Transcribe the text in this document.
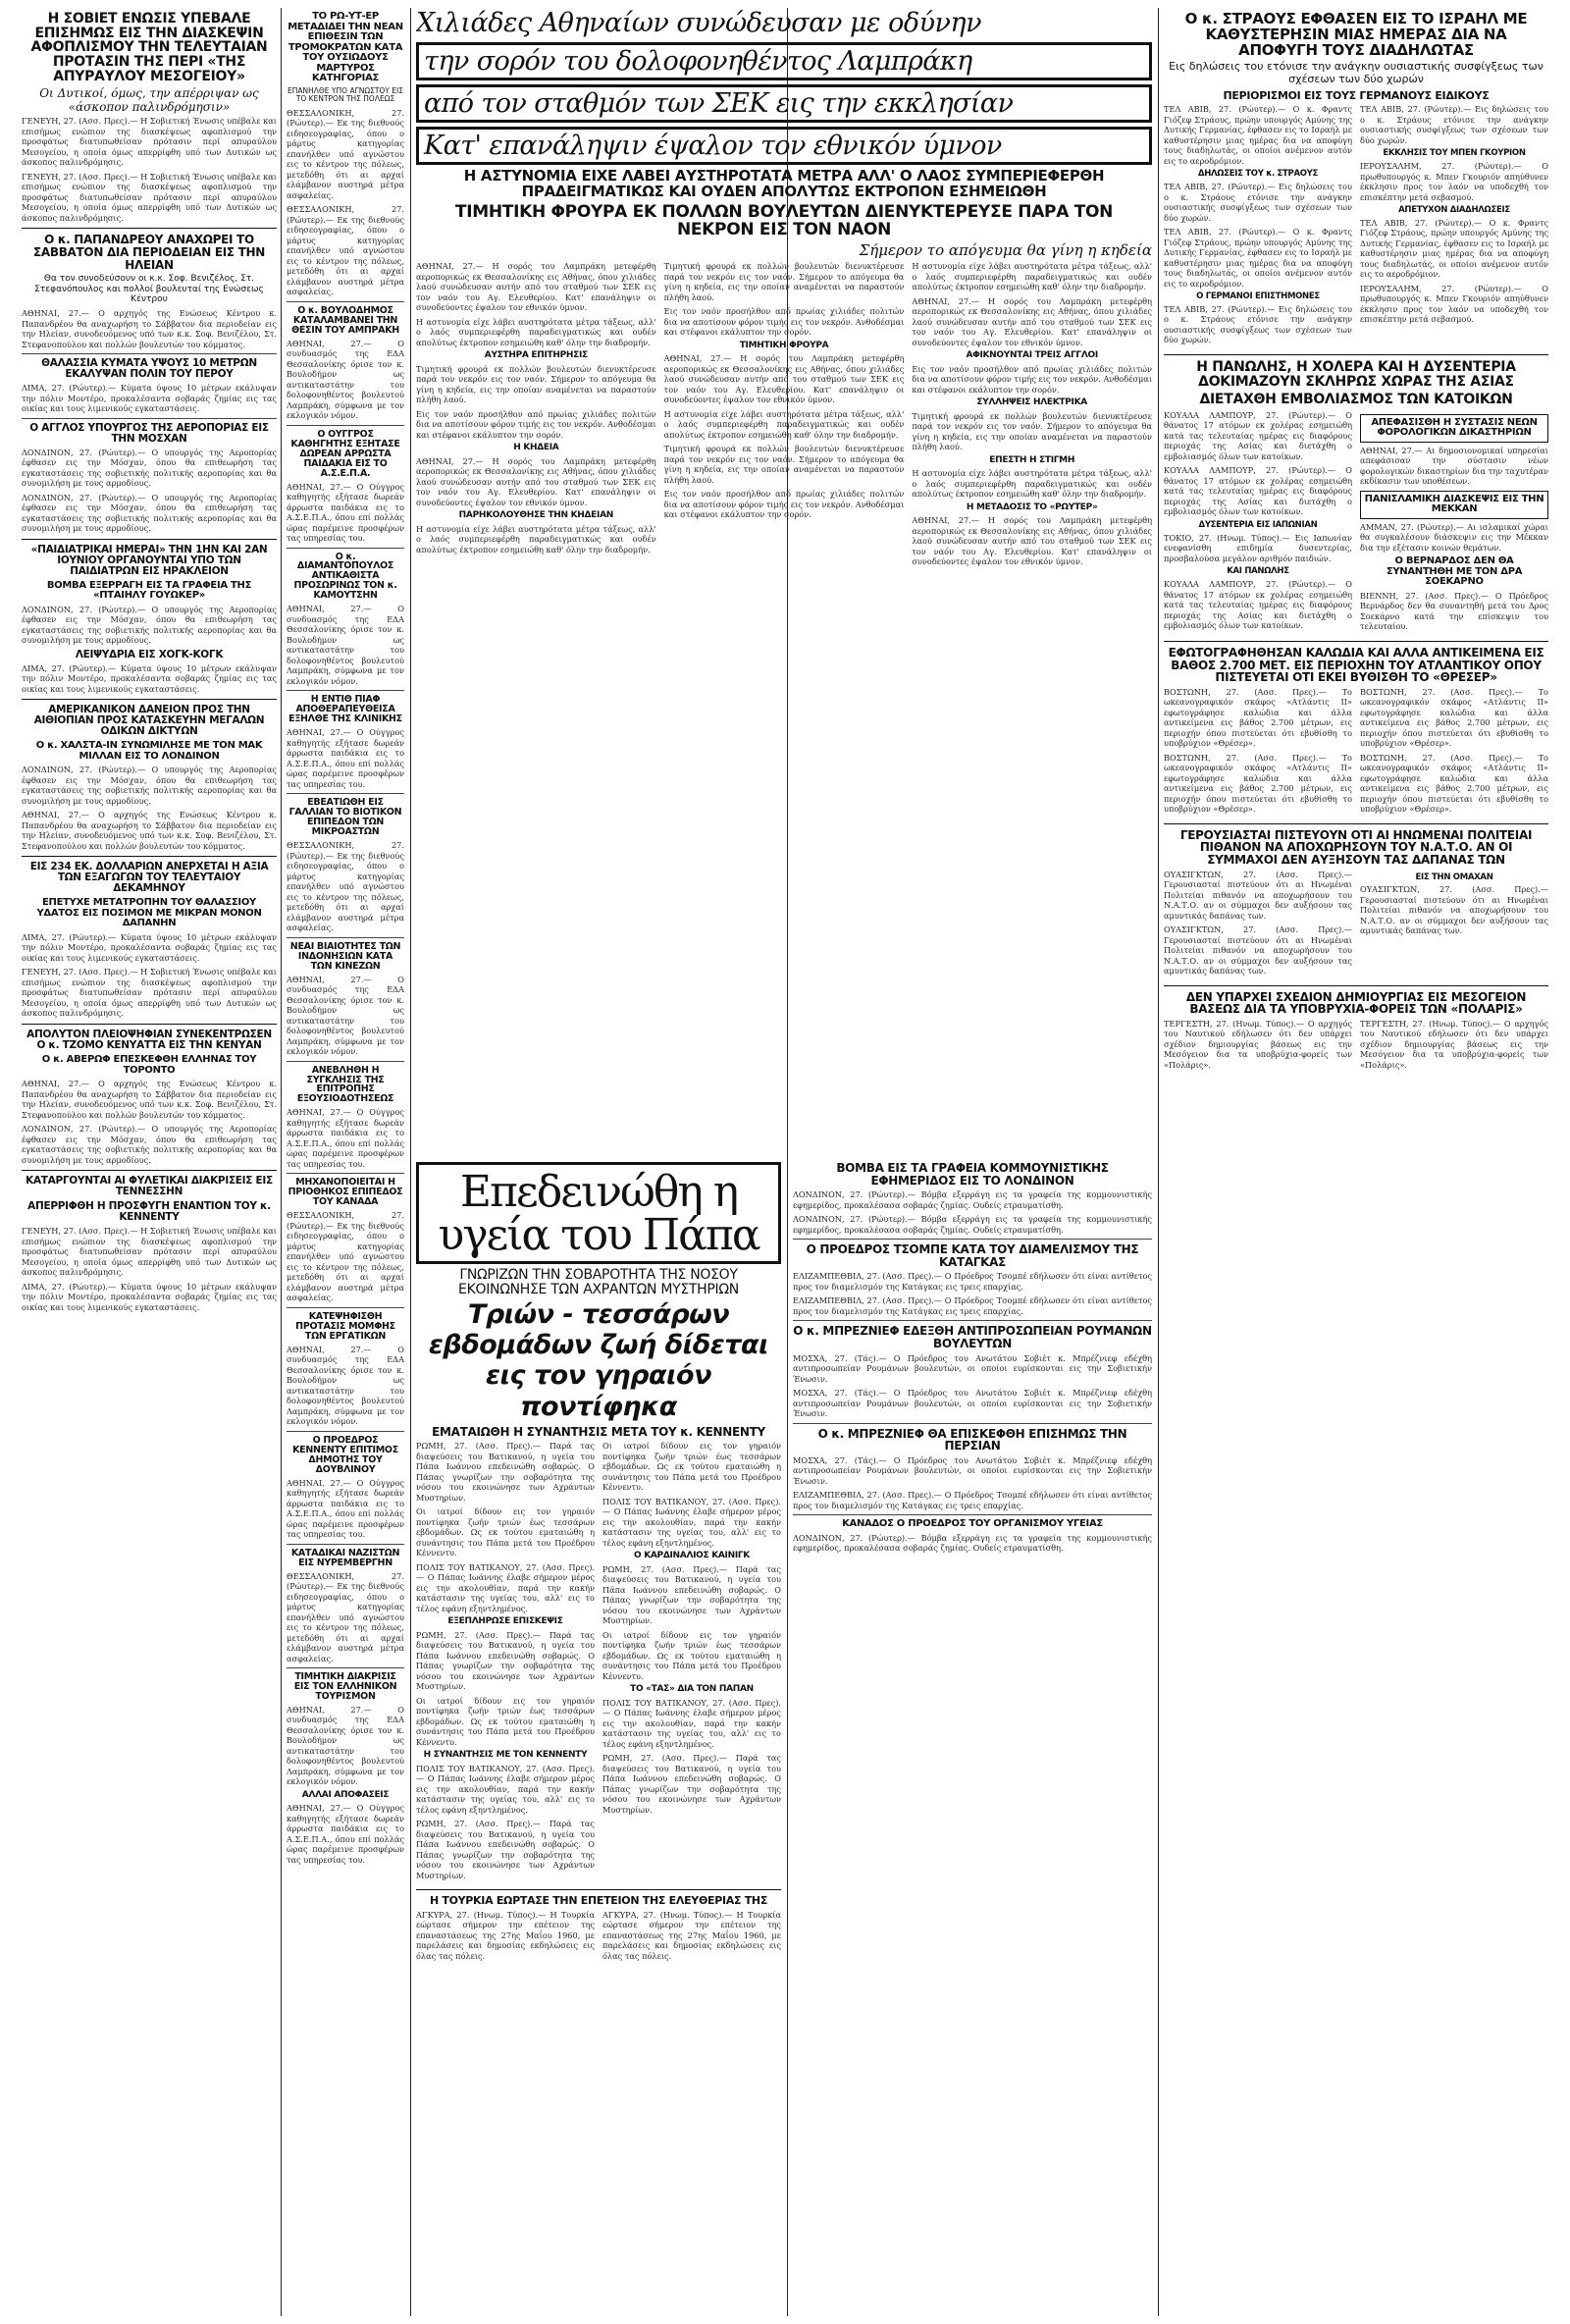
Η ΣΟΒΙΕΤ ΕΝΩΣΙΣ ΥΠΕΒΑΛΕ ΕΠΙΣΗΜΩΣ ΕΙΣ ΤΗΝ ΔΙΑΣΚΕΨΙΝ ΑΦΟΠΛΙΣΜΟΥ ΤΗΝ ΤΕΛΕΥΤΑΙΑΝ ΠΡΟΤΑΣΙΝ ΤΗΣ ΠΕΡΙ «ΤΗΣ ΑΠΥΡΑΥΛΟΥ ΜΕΣΟΓΕΙΟΥ»
Οι Δυτικοί, όμως, την απέρριψαν ως «άσκοπον παλινδρόμησιν»

ΓΕΝΕΥΗ, 27. (Ασσ. Πρες).— Η Σοβιετική Ένωσις υπέβαλε και επισήμως ενώπιον της διασκέψεως αφοπλισμού την προσφάτως διατυπωθείσαν πρότασιν περί απυραύλου Μεσογείου, η οποία όμως απερρίφθη υπό των Δυτικών ως άσκοπος παλινδρόμησις.

ΓΕΝΕΥΗ, 27. (Ασσ. Πρες).— Η Σοβιετική Ένωσις υπέβαλε και επισήμως ενώπιον της διασκέψεως αφοπλισμού την προσφάτως διατυπωθείσαν πρότασιν περί απυραύλου Μεσογείου, η οποία όμως απερρίφθη υπό των Δυτικών ως άσκοπος παλινδρόμησις.

Ο κ. ΠΑΠΑΝΔΡΕΟΥ ΑΝΑΧΩΡΕΙ ΤΟ ΣΑΒΒΑΤΟΝ ΔΙΑ ΠΕΡΙΟΔΕΙΑΝ ΕΙΣ ΤΗΝ ΗΛΕΙΑΝ
Θα τον συνοδεύσουν οι κ.κ. Σοφ. Βενιζέλος, Στ. Στεφανόπουλος και πολλοί βουλευταί της Ενώσεως Κέντρου

ΑΘΗΝΑΙ, 27.— Ο αρχηγός της Ενώσεως Κέντρου κ. Παπανδρέου θα αναχωρήση το Σάββατον δια περιοδείαν εις την Ηλείαν, συνοδευόμενος υπό των κ.κ. Σοφ. Βενιζέλου, Στ. Στεφανοπούλου και πολλών βουλευτών του κόμματος.

ΘΑΛΑΣΣΙΑ ΚΥΜΑΤΑ ΥΨΟΥΣ 10 ΜΕΤΡΩΝ ΕΚΑΛΥΨΑΝ ΠΟΛΙΝ ΤΟΥ ΠΕΡΟΥ

ΛΙΜΑ, 27. (Ρώυτερ).— Κύματα ύψους 10 μέτρων εκάλυψαν την πόλιν Μοντέρο, προκαλέσαντα σοβαράς ζημίας εις τας οικίας και τους λιμενικούς εγκαταστάσεις.

Ο ΑΓΓΛΟΣ ΥΠΟΥΡΓΟΣ ΤΗΣ ΑΕΡΟΠΟΡΙΑΣ ΕΙΣ ΤΗΝ ΜΟΣΧΑΝ

ΛΟΝΔΙΝΟΝ, 27. (Ρώυτερ).— Ο υπουργός της Αεροπορίας έφθασεν εις την Μόσχαν, όπου θα επιθεωρήση τας εγκαταστάσεις της σοβιετικής πολιτικής αεροπορίας και θα συνομιλήση με τους αρμοδίους.

ΛΟΝΔΙΝΟΝ, 27. (Ρώυτερ).— Ο υπουργός της Αεροπορίας έφθασεν εις την Μόσχαν, όπου θα επιθεωρήση τας εγκαταστάσεις της σοβιετικής πολιτικής αεροπορίας και θα συνομιλήση με τους αρμοδίους.

«ΠΑΙΔΙΑΤΡΙΚΑΙ ΗΜΕΡΑΙ» ΤΗΝ 1ΗΝ ΚΑΙ 2ΑΝ ΙΟΥΝΙΟΥ ΟΡΓΑΝΟΥΝΤΑΙ ΥΠΟ ΤΩΝ ΠΑΙΔΙΑΤΡΩΝ ΕΙΣ ΗΡΑΚΛΕΙΟΝ
ΒΟΜΒΑ ΕΞΕΡΡΑΓΗ ΕΙΣ ΤΑ ΓΡΑΦΕΙΑ ΤΗΣ «ΠΤΑΙΗΛΥ ΓΟΥΩΚΕΡ»

ΛΟΝΔΙΝΟΝ, 27. (Ρώυτερ).— Ο υπουργός της Αεροπορίας έφθασεν εις την Μόσχαν, όπου θα επιθεωρήση τας εγκαταστάσεις της σοβιετικής πολιτικής αεροπορίας και θα συνομιλήση με τους αρμοδίους.

ΛΕΙΨΥΔΡΙΑ ΕΙΣ ΧΟΓΚ-ΚΟΓΚ

ΛΙΜΑ, 27. (Ρώυτερ).— Κύματα ύψους 10 μέτρων εκάλυψαν την πόλιν Μοντέρο, προκαλέσαντα σοβαράς ζημίας εις τας οικίας και τους λιμενικούς εγκαταστάσεις.

ΑΜΕΡΙΚΑΝΙΚΟΝ ΔΑΝΕΙΟΝ ΠΡΟΣ ΤΗΝ ΑΙΘΙΟΠΙΑΝ ΠΡΟΣ ΚΑΤΑΣΚΕΥΗΝ ΜΕΓΑΛΩΝ ΟΔΙΚΩΝ ΔΙΚΤΥΩΝ
Ο κ. ΧΑΛΣΤΑ-ΙΝ ΣΥΝΩΜΙΛΗΣΕ ΜΕ ΤΟΝ ΜΑΚ ΜΙΛΛΑΝ ΕΙΣ ΤΟ ΛΟΝΔΙΝΟΝ

ΛΟΝΔΙΝΟΝ, 27. (Ρώυτερ).— Ο υπουργός της Αεροπορίας έφθασεν εις την Μόσχαν, όπου θα επιθεωρήση τας εγκαταστάσεις της σοβιετικής πολιτικής αεροπορίας και θα συνομιλήση με τους αρμοδίους.

ΑΘΗΝΑΙ, 27.— Ο αρχηγός της Ενώσεως Κέντρου κ. Παπανδρέου θα αναχωρήση το Σάββατον δια περιοδείαν εις την Ηλείαν, συνοδευόμενος υπό των κ.κ. Σοφ. Βενιζέλου, Στ. Στεφανοπούλου και πολλών βουλευτών του κόμματος.

ΕΙΣ 234 ΕΚ. ΔΟΛΛΑΡΙΩΝ ΑΝΕΡΧΕΤΑΙ Η ΑΞΙΑ ΤΩΝ ΕΞΑΓΩΓΩΝ ΤΟΥ ΤΕΛΕΥΤΑΙΟΥ ΔΕΚΑΜΗΝΟΥ
ΕΠΕΤΥΧΕ ΜΕΤΑΤΡΟΠΗΝ ΤΟΥ ΘΑΛΑΣΣΙΟΥ ΥΔΑΤΟΣ ΕΙΣ ΠΟΣΙΜΟΝ ΜΕ ΜΙΚΡΑΝ ΜΟΝΟΝ ΔΑΠΑΝΗΝ

ΛΙΜΑ, 27. (Ρώυτερ).— Κύματα ύψους 10 μέτρων εκάλυψαν την πόλιν Μοντέρο, προκαλέσαντα σοβαράς ζημίας εις τας οικίας και τους λιμενικούς εγκαταστάσεις.

ΓΕΝΕΥΗ, 27. (Ασσ. Πρες).— Η Σοβιετική Ένωσις υπέβαλε και επισήμως ενώπιον της διασκέψεως αφοπλισμού την προσφάτως διατυπωθείσαν πρότασιν περί απυραύλου Μεσογείου, η οποία όμως απερρίφθη υπό των Δυτικών ως άσκοπος παλινδρόμησις.

ΑΠΟΛΥΤΟΝ ΠΛΕΙΟΨΗΦΙΑΝ ΣΥΝΕΚΕΝΤΡΩΣΕΝ Ο κ. ΤΖΟΜΟ ΚΕΝΥΑΤΤΑ ΕΙΣ ΤΗΝ ΚΕΝΥΑΝ
Ο κ. ΑΒΕΡΩΦ ΕΠΕΣΚΕΦΘΗ ΕΛΛΗΝΑΣ ΤΟΥ ΤΟΡΟΝΤΟ

ΑΘΗΝΑΙ, 27.— Ο αρχηγός της Ενώσεως Κέντρου κ. Παπανδρέου θα αναχωρήση το Σάββατον δια περιοδείαν εις την Ηλείαν, συνοδευόμενος υπό των κ.κ. Σοφ. Βενιζέλου, Στ. Στεφανοπούλου και πολλών βουλευτών του κόμματος.

ΛΟΝΔΙΝΟΝ, 27. (Ρώυτερ).— Ο υπουργός της Αεροπορίας έφθασεν εις την Μόσχαν, όπου θα επιθεωρήση τας εγκαταστάσεις της σοβιετικής πολιτικής αεροπορίας και θα συνομιλήση με τους αρμοδίους.

ΚΑΤΑΡΓΟΥΝΤΑΙ ΑΙ ΦΥΛΕΤΙΚΑΙ ΔΙΑΚΡΙΣΕΙΣ ΕΙΣ ΤΕΝΝΕΣΣΗΝ
ΑΠΕΡΡΙΦΘΗ Η ΠΡΟΣΦΥΓΗ ΕΝΑΝΤΙΟΝ ΤΟΥ κ. ΚΕΝΝΕΝΤΥ

ΓΕΝΕΥΗ, 27. (Ασσ. Πρες).— Η Σοβιετική Ένωσις υπέβαλε και επισήμως ενώπιον της διασκέψεως αφοπλισμού την προσφάτως διατυπωθείσαν πρότασιν περί απυραύλου Μεσογείου, η οποία όμως απερρίφθη υπό των Δυτικών ως άσκοπος παλινδρόμησις.

ΛΙΜΑ, 27. (Ρώυτερ).— Κύματα ύψους 10 μέτρων εκάλυψαν την πόλιν Μοντέρο, προκαλέσαντα σοβαράς ζημίας εις τας οικίας και τους λιμενικούς εγκαταστάσεις.

ΤΟ ΡΩ-ΥΤ-ΕΡ ΜΕΤΑΔΙΔΕΙ ΤΗΝ ΝΕΑΝ ΕΠΙΘΕΣΙΝ ΤΩΝ ΤΡΟΜΟΚΡΑΤΩΝ ΚΑΤΑ ΤΟΥ ΟΥΣΙΩΔΟΥΣ ΜΑΡΤΥΡΟΣ ΚΑΤΗΓΟΡΙΑΣ
ΕΠΑΝΗΛΘΕ ΥΠΟ ΑΓΝΩΣΤΟΥ ΕΙΣ ΤΟ ΚΕΝΤΡΟΝ ΤΗΣ ΠΟΛΕΩΣ

ΘΕΣΣΑΛΟΝΙΚΗ, 27. (Ρώυτερ).— Εκ της διεθνούς ειδησεογραφίας, όπου ο μάρτυς κατηγορίας επανήλθεν υπό αγνώστου εις το κέντρον της πόλεως, μετεδόθη ότι αι αρχαί ελάμβανον αυστηρά μέτρα ασφαλείας.

ΘΕΣΣΑΛΟΝΙΚΗ, 27. (Ρώυτερ).— Εκ της διεθνούς ειδησεογραφίας, όπου ο μάρτυς κατηγορίας επανήλθεν υπό αγνώστου εις το κέντρον της πόλεως, μετεδόθη ότι αι αρχαί ελάμβανον αυστηρά μέτρα ασφαλείας.

Ο κ. ΒΟΥΛΟΔΗΜΟΣ ΚΑΤΑΛΑΜΒΑΝΕΙ ΤΗΝ ΘΕΣΙΝ ΤΟΥ ΑΜΠΡΑΚΗ

ΑΘΗΝΑΙ, 27.— Ο συνδυασμός της ΕΔΑ Θεσσαλονίκης όρισε τον κ. Βουλοδήμον ως αντικαταστάτην του δολοφονηθέντος βουλευτού Λαμπράκη, σύμφωνα με τον εκλογικόν νόμον.

Ο ΟΥΓΓΡΟΣ ΚΑΘΗΓΗΤΗΣ ΕΞΗΤΑΣΕ ΔΩΡΕΑΝ ΑΡΡΩΣΤΑ ΠΑΙΔΑΚΙΑ ΕΙΣ ΤΟ Α.Σ.Ε.Π.Α.

ΑΘΗΝΑΙ, 27.— Ο Ούγγρος καθηγητής εξήτασε δωρεάν άρρωστα παιδάκια εις το Α.Σ.Ε.Π.Α., όπου επί πολλάς ώρας παρέμεινε προσφέρων τας υπηρεσίας του.

Ο κ. ΔΙΑΜΑΝΤΟΠΟΥΛΟΣ ΑΝΤΙΚΑΘΙΣΤΑ ΠΡΟΣΩΡΙΝΩΣ ΤΟΝ κ. ΚΑΜΟΥΤΣΗΝ

ΑΘΗΝΑΙ, 27.— Ο συνδυασμός της ΕΔΑ Θεσσαλονίκης όρισε τον κ. Βουλοδήμον ως αντικαταστάτην του δολοφονηθέντος βουλευτού Λαμπράκη, σύμφωνα με τον εκλογικόν νόμον.

Η ΕΝΤΙΘ ΠΙΑΦ ΑΠΟΘΕΡΑΠΕΥΘΕΙΣΑ ΕΞΗΛΘΕ ΤΗΣ ΚΛΙΝΙΚΗΣ

ΑΘΗΝΑΙ, 27.— Ο Ούγγρος καθηγητής εξήτασε δωρεάν άρρωστα παιδάκια εις το Α.Σ.Ε.Π.Α., όπου επί πολλάς ώρας παρέμεινε προσφέρων τας υπηρεσίας του.

ΕΒΕΑΤΙΩΘΗ ΕΙΣ ΓΑΛΛΙΑΝ ΤΟ ΒΙΟΤΙΚΟΝ ΕΠΙΠΕΔΟΝ ΤΩΝ ΜΙΚΡΟΑΣΤΩΝ

ΘΕΣΣΑΛΟΝΙΚΗ, 27. (Ρώυτερ).— Εκ της διεθνούς ειδησεογραφίας, όπου ο μάρτυς κατηγορίας επανήλθεν υπό αγνώστου εις το κέντρον της πόλεως, μετεδόθη ότι αι αρχαί ελάμβανον αυστηρά μέτρα ασφαλείας.

ΝΕΑΙ ΒΙΑΙΟΤΗΤΕΣ ΤΩΝ ΙΝΔΟΝΗΣΙΩΝ ΚΑΤΑ ΤΩΝ ΚΙΝΕΖΩΝ

ΑΘΗΝΑΙ, 27.— Ο συνδυασμός της ΕΔΑ Θεσσαλονίκης όρισε τον κ. Βουλοδήμον ως αντικαταστάτην του δολοφονηθέντος βουλευτού Λαμπράκη, σύμφωνα με τον εκλογικόν νόμον.

ΑΝΕΒΛΗΘΗ Η ΣΥΓΚΛΗΣΙΣ ΤΗΣ ΕΠΙΤΡΟΠΗΣ ΕΞΟΥΣΙΟΔΟΤΗΣΕΩΣ

ΑΘΗΝΑΙ, 27.— Ο Ούγγρος καθηγητής εξήτασε δωρεάν άρρωστα παιδάκια εις το Α.Σ.Ε.Π.Α., όπου επί πολλάς ώρας παρέμεινε προσφέρων τας υπηρεσίας του.

ΜΗΧΑΝΟΠΟΙΕΙΤΑΙ Η ΠΡΙΟΘΗΚΟΣ ΕΠΙΠΕΔΟΣ ΤΟΥ ΚΑΝΑΔΑ

ΘΕΣΣΑΛΟΝΙΚΗ, 27. (Ρώυτερ).— Εκ της διεθνούς ειδησεογραφίας, όπου ο μάρτυς κατηγορίας επανήλθεν υπό αγνώστου εις το κέντρον της πόλεως, μετεδόθη ότι αι αρχαί ελάμβανον αυστηρά μέτρα ασφαλείας.

ΚΑΤΕΨΗΦΙΣΘΗ ΠΡΟΤΑΣΙΣ ΜΟΜΦΗΣ ΤΩΝ ΕΡΓΑΤΙΚΩΝ

ΑΘΗΝΑΙ, 27.— Ο συνδυασμός της ΕΔΑ Θεσσαλονίκης όρισε τον κ. Βουλοδήμον ως αντικαταστάτην του δολοφονηθέντος βουλευτού Λαμπράκη, σύμφωνα με τον εκλογικόν νόμον.

Ο ΠΡΟΕΔΡΟΣ ΚΕΝΝΕΝΤΥ ΕΠΙΤΙΜΟΣ ΔΗΜΟΤΗΣ ΤΟΥ ΔΟΥΒΛΙΝΟΥ

ΑΘΗΝΑΙ, 27.— Ο Ούγγρος καθηγητής εξήτασε δωρεάν άρρωστα παιδάκια εις το Α.Σ.Ε.Π.Α., όπου επί πολλάς ώρας παρέμεινε προσφέρων τας υπηρεσίας του.

ΚΑΤΑΔΙΚΑΙ ΝΑΖΙΣΤΩΝ ΕΙΣ ΝΥΡΕΜΒΕΡΓΗΝ

ΘΕΣΣΑΛΟΝΙΚΗ, 27. (Ρώυτερ).— Εκ της διεθνούς ειδησεογραφίας, όπου ο μάρτυς κατηγορίας επανήλθεν υπό αγνώστου εις το κέντρον της πόλεως, μετεδόθη ότι αι αρχαί ελάμβανον αυστηρά μέτρα ασφαλείας.

ΤΙΜΗΤΙΚΗ ΔΙΑΚΡΙΣΙΣ ΕΙΣ ΤΟΝ ΕΛΛΗΝΙΚΟΝ ΤΟΥΡΙΣΜΟΝ

ΑΘΗΝΑΙ, 27.— Ο συνδυασμός της ΕΔΑ Θεσσαλονίκης όρισε τον κ. Βουλοδήμον ως αντικαταστάτην του δολοφονηθέντος βουλευτού Λαμπράκη, σύμφωνα με τον εκλογικόν νόμον.

ΑΛΛΑΙ ΑΠΟΦΑΣΕΙΣ

ΑΘΗΝΑΙ, 27.— Ο Ούγγρος καθηγητής εξήτασε δωρεάν άρρωστα παιδάκια εις το Α.Σ.Ε.Π.Α., όπου επί πολλάς ώρας παρέμεινε προσφέρων τας υπηρεσίας του.

Χιλιάδες Αθηναίων συνώδευσαν με οδύνην
την σορόν του δολοφονηθέντος Λαμπράκη
από τον σταθμόν των ΣΕΚ εις την εκκλησίαν
Κατ' επανάληψιν έψαλον τον εθνικόν ύμνον
Η ΑΣΤΥΝΟΜΙΑ ΕΙΧΕ ΛΑΒΕΙ ΑΥΣΤΗΡΟΤΑΤΑ ΜΕΤΡΑ ΑΛΛ' Ο ΛΑΟΣ ΣΥΜΠΕΡΙΕΦΕΡΘΗ ΠΡΑΔΕΙΓΜΑΤΙΚΩΣ ΚΑΙ ΟΥΔΕΝ ΑΠΟΛΥΤΩΣ ΕΚΤΡΟΠΟΝ ΕΣΗΜΕΙΩΘΗ
ΤΙΜΗΤΙΚΗ ΦΡΟΥΡΑ ΕΚ ΠΟΛΛΩΝ ΒΟΥΛΕΥΤΩΝ ΔΙΕΝΥΚΤΕΡΕΥΣΕ ΠΑΡΑ ΤΟΝ ΝΕΚΡΟΝ ΕΙΣ ΤΟΝ ΝΑΟΝ
Σήμερον το απόγευμα θα γίνη η κηδεία

ΑΘΗΝΑΙ, 27.— Η σορός του Λαμπράκη μετεφέρθη αεροπορικώς εκ Θεσσαλονίκης εις Αθήνας, όπου χιλιάδες λαού συνώδευσαν αυτήν από του σταθμού των ΣΕΚ εις τον ναόν του Αγ. Ελευθερίου. Κατ' επανάληψιν οι συνοδεύοντες έψαλον τον εθνικόν ύμνον.

Η αστυνομία είχε λάβει αυστηρότατα μέτρα τάξεως, αλλ' ο λαός συμπεριεφέρθη παραδειγματικώς και ουδέν απολύτως έκτροπον εσημειώθη καθ' όλην την διαδρομήν.

ΑΥΣΤΗΡΑ ΕΠΙΤΗΡΗΣΙΣ

Τιμητική φρουρά εκ πολλών βουλευτών διενυκτέρευσε παρά τον νεκρόν εις τον ναόν. Σήμερον το απόγευμα θα γίνη η κηδεία, εις την οποίαν αναμένεται να παραστούν πλήθη λαού.

Εις τον ναόν προσήλθον από πρωίας χιλιάδες πολιτών δια να αποτίσουν φόρον τιμής εις τον νεκρόν. Ανθοδέσμαι και στέφανοι εκάλυπτον την σορόν.

Η ΚΗΔΕΙΑ

ΑΘΗΝΑΙ, 27.— Η σορός του Λαμπράκη μετεφέρθη αεροπορικώς εκ Θεσσαλονίκης εις Αθήνας, όπου χιλιάδες λαού συνώδευσαν αυτήν από του σταθμού των ΣΕΚ εις τον ναόν του Αγ. Ελευθερίου. Κατ' επανάληψιν οι συνοδεύοντες έψαλον τον εθνικόν ύμνον.

ΠΑΡΗΚΟΛΟΥΘΗΣΕ ΤΗΝ ΚΗΔΕΙΑΝ

Η αστυνομία είχε λάβει αυστηρότατα μέτρα τάξεως, αλλ' ο λαός συμπεριεφέρθη παραδειγματικώς και ουδέν απολύτως έκτροπον εσημειώθη καθ' όλην την διαδρομήν.

Τιμητική φρουρά εκ πολλών βουλευτών διενυκτέρευσε παρά τον νεκρόν εις τον ναόν. Σήμερον το απόγευμα θα γίνη η κηδεία, εις την οποίαν αναμένεται να παραστούν πλήθη λαού.

Εις τον ναόν προσήλθον από πρωίας χιλιάδες πολιτών δια να αποτίσουν φόρον τιμής εις τον νεκρόν. Ανθοδέσμαι και στέφανοι εκάλυπτον την σορόν.

ΤΙΜΗΤΙΚΗ ΦΡΟΥΡΑ

ΑΘΗΝΑΙ, 27.— Η σορός του Λαμπράκη μετεφέρθη αεροπορικώς εκ Θεσσαλονίκης εις Αθήνας, όπου χιλιάδες λαού συνώδευσαν αυτήν από του σταθμού των ΣΕΚ εις τον ναόν του Αγ. Ελευθερίου. Κατ' επανάληψιν οι συνοδεύοντες έψαλον τον εθνικόν ύμνον.

Η αστυνομία είχε λάβει αυστηρότατα μέτρα τάξεως, αλλ' ο λαός συμπεριεφέρθη παραδειγματικώς και ουδέν απολύτως έκτροπον εσημειώθη καθ' όλην την διαδρομήν.

Τιμητική φρουρά εκ πολλών βουλευτών διενυκτέρευσε παρά τον νεκρόν εις τον ναόν. Σήμερον το απόγευμα θα γίνη η κηδεία, εις την οποίαν αναμένεται να παραστούν πλήθη λαού.

Εις τον ναόν προσήλθον από πρωίας χιλιάδες πολιτών δια να αποτίσουν φόρον τιμής εις τον νεκρόν. Ανθοδέσμαι και στέφανοι εκάλυπτον την σορόν.

Η αστυνομία είχε λάβει αυστηρότατα μέτρα τάξεως, αλλ' ο λαός συμπεριεφέρθη παραδειγματικώς και ουδέν απολύτως έκτροπον εσημειώθη καθ' όλην την διαδρομήν.

ΑΘΗΝΑΙ, 27.— Η σορός του Λαμπράκη μετεφέρθη αεροπορικώς εκ Θεσσαλονίκης εις Αθήνας, όπου χιλιάδες λαού συνώδευσαν αυτήν από του σταθμού των ΣΕΚ εις τον ναόν του Αγ. Ελευθερίου. Κατ' επανάληψιν οι συνοδεύοντες έψαλον τον εθνικόν ύμνον.

ΑΦΙΚΝΟΥΝΤΑΙ ΤΡΕΙΣ ΑΓΓΛΟΙ

Εις τον ναόν προσήλθον από πρωίας χιλιάδες πολιτών δια να αποτίσουν φόρον τιμής εις τον νεκρόν. Ανθοδέσμαι και στέφανοι εκάλυπτον την σορόν.

ΣΥΛΛΗΨΕΙΣ ΗΛΕΚΤΡΙΚΑ

Τιμητική φρουρά εκ πολλών βουλευτών διενυκτέρευσε παρά τον νεκρόν εις τον ναόν. Σήμερον το απόγευμα θα γίνη η κηδεία, εις την οποίαν αναμένεται να παραστούν πλήθη λαού.

ΕΠΕΣΤΗ Η ΣΤΙΓΜΗ

Η αστυνομία είχε λάβει αυστηρότατα μέτρα τάξεως, αλλ' ο λαός συμπεριεφέρθη παραδειγματικώς και ουδέν απολύτως έκτροπον εσημειώθη καθ' όλην την διαδρομήν.

Η ΜΕΤΑΔΟΣΙΣ ΤΟ «ΡΩΥΤΕΡ»

ΑΘΗΝΑΙ, 27.— Η σορός του Λαμπράκη μετεφέρθη αεροπορικώς εκ Θεσσαλονίκης εις Αθήνας, όπου χιλιάδες λαού συνώδευσαν αυτήν από του σταθμού των ΣΕΚ εις τον ναόν του Αγ. Ελευθερίου. Κατ' επανάληψιν οι συνοδεύοντες έψαλον τον εθνικόν ύμνον.

Επεδεινώθη η υγεία του Πάπα
ΓΝΩΡΙΖΩΝ ΤΗΝ ΣΟΒΑΡΟΤΗΤΑ ΤΗΣ ΝΟΣΟΥ ΕΚΟΙΝΩΝΗΣΕ ΤΩΝ ΑΧΡΑΝΤΩΝ ΜΥΣΤΗΡΙΩΝ
Τριών - τεσσάρων εβδομάδων ζωή δίδεται εις τον γηραιόν ποντίφηκα
ΕΜΑΤΑΙΩΘΗ Η ΣΥΝΑΝΤΗΣΙΣ ΜΕΤΑ ΤΟΥ κ. ΚΕΝΝΕΝΤΥ

ΡΩΜΗ, 27. (Ασσ. Πρες).— Παρά τας διαψεύσεις του Βατικανού, η υγεία του Πάπα Ιωάννου επεδεινώθη σοβαρώς. Ο Πάπας γνωρίζων την σοβαρότητα της νόσου του εκοινώνησε των Αχράντων Μυστηρίων.

Οι ιατροί δίδουν εις τον γηραιόν ποντίφηκα ζωήν τριών έως τεσσάρων εβδομάδων. Ως εκ τούτου εματαιώθη η συνάντησις του Πάπα μετά του Προέδρου Κέννεντυ.

ΠΟΛΙΣ ΤΟΥ ΒΑΤΙΚΑΝΟΥ, 27. (Ασσ. Πρες).— Ο Πάπας Ιωάννης έλαβε σήμερον μέρος εις την ακολουθίαν, παρά την κακήν κατάστασιν της υγείας του, αλλ' εις το τέλος εφάνη εξηντλημένος.

ΕΞΕΠΛΗΡΩΣΕ ΕΠΙΣΚΕΨΙΣ

ΡΩΜΗ, 27. (Ασσ. Πρες).— Παρά τας διαψεύσεις του Βατικανού, η υγεία του Πάπα Ιωάννου επεδεινώθη σοβαρώς. Ο Πάπας γνωρίζων την σοβαρότητα της νόσου του εκοινώνησε των Αχράντων Μυστηρίων.

Οι ιατροί δίδουν εις τον γηραιόν ποντίφηκα ζωήν τριών έως τεσσάρων εβδομάδων. Ως εκ τούτου εματαιώθη η συνάντησις του Πάπα μετά του Προέδρου Κέννεντυ.

Η ΣΥΝΑΝΤΗΣΙΣ ΜΕ ΤΟΝ ΚΕΝΝΕΝΤΥ

ΠΟΛΙΣ ΤΟΥ ΒΑΤΙΚΑΝΟΥ, 27. (Ασσ. Πρες).— Ο Πάπας Ιωάννης έλαβε σήμερον μέρος εις την ακολουθίαν, παρά την κακήν κατάστασιν της υγείας του, αλλ' εις το τέλος εφάνη εξηντλημένος.

ΡΩΜΗ, 27. (Ασσ. Πρες).— Παρά τας διαψεύσεις του Βατικανού, η υγεία του Πάπα Ιωάννου επεδεινώθη σοβαρώς. Ο Πάπας γνωρίζων την σοβαρότητα της νόσου του εκοινώνησε των Αχράντων Μυστηρίων.

Οι ιατροί δίδουν εις τον γηραιόν ποντίφηκα ζωήν τριών έως τεσσάρων εβδομάδων. Ως εκ τούτου εματαιώθη η συνάντησις του Πάπα μετά του Προέδρου Κέννεντυ.

ΠΟΛΙΣ ΤΟΥ ΒΑΤΙΚΑΝΟΥ, 27. (Ασσ. Πρες).— Ο Πάπας Ιωάννης έλαβε σήμερον μέρος εις την ακολουθίαν, παρά την κακήν κατάστασιν της υγείας του, αλλ' εις το τέλος εφάνη εξηντλημένος.

Ο ΚΑΡΔΙΝΑΛΙΟΣ ΚΑΙΝΙΓΚ

ΡΩΜΗ, 27. (Ασσ. Πρες).— Παρά τας διαψεύσεις του Βατικανού, η υγεία του Πάπα Ιωάννου επεδεινώθη σοβαρώς. Ο Πάπας γνωρίζων την σοβαρότητα της νόσου του εκοινώνησε των Αχράντων Μυστηρίων.

Οι ιατροί δίδουν εις τον γηραιόν ποντίφηκα ζωήν τριών έως τεσσάρων εβδομάδων. Ως εκ τούτου εματαιώθη η συνάντησις του Πάπα μετά του Προέδρου Κέννεντυ.

ΤΟ «ΤΑΣ» ΔΙΑ ΤΟΝ ΠΑΠΑΝ

ΠΟΛΙΣ ΤΟΥ ΒΑΤΙΚΑΝΟΥ, 27. (Ασσ. Πρες).— Ο Πάπας Ιωάννης έλαβε σήμερον μέρος εις την ακολουθίαν, παρά την κακήν κατάστασιν της υγείας του, αλλ' εις το τέλος εφάνη εξηντλημένος.

ΡΩΜΗ, 27. (Ασσ. Πρες).— Παρά τας διαψεύσεις του Βατικανού, η υγεία του Πάπα Ιωάννου επεδεινώθη σοβαρώς. Ο Πάπας γνωρίζων την σοβαρότητα της νόσου του εκοινώνησε των Αχράντων Μυστηρίων.

Η ΤΟΥΡΚΙΑ ΕΩΡΤΑΣΕ ΤΗΝ ΕΠΕΤΕΙΟΝ ΤΗΣ ΕΛΕΥΘΕΡΙΑΣ ΤΗΣ

ΑΓΚΥΡΑ, 27. (Ηνωμ. Τύπος).— Η Τουρκία εώρτασε σήμερον την επέτειον της επαναστάσεως της 27ης Μαΐου 1960, με παρελάσεις και δημοσίας εκδηλώσεις εις όλας τας πόλεις.

ΑΓΚΥΡΑ, 27. (Ηνωμ. Τύπος).— Η Τουρκία εώρτασε σήμερον την επέτειον της επαναστάσεως της 27ης Μαΐου 1960, με παρελάσεις και δημοσίας εκδηλώσεις εις όλας τας πόλεις.

ΒΟΜΒΑ ΕΙΣ ΤΑ ΓΡΑΦΕΙΑ ΚΟΜΜΟΥΝΙΣΤΙΚΗΣ ΕΦΗΜΕΡΙΔΟΣ ΕΙΣ ΤΟ ΛΟΝΔΙΝΟΝ

ΛΟΝΔΙΝΟΝ, 27. (Ρώυτερ).— Βόμβα εξερράγη εις τα γραφεία της κομμουνιστικής εφημερίδος, προκαλέσασα σοβαράς ζημίας. Ουδείς ετραυματίσθη.

ΛΟΝΔΙΝΟΝ, 27. (Ρώυτερ).— Βόμβα εξερράγη εις τα γραφεία της κομμουνιστικής εφημερίδος, προκαλέσασα σοβαράς ζημίας. Ουδείς ετραυματίσθη.

Ο ΠΡΟΕΔΡΟΣ ΤΣΟΜΠΕ ΚΑΤΑ ΤΟΥ ΔΙΑΜΕΛΙΣΜΟΥ ΤΗΣ ΚΑΤΑΓΚΑΣ

ΕΛΙΖΑΜΠΕΘΒΙΛ, 27. (Ασσ. Πρες).— Ο Πρόεδρος Τσομπέ εδήλωσεν ότι είναι αντίθετος προς τον διαμελισμόν της Κατάγκας εις τρεις επαρχίας.

ΕΛΙΖΑΜΠΕΘΒΙΛ, 27. (Ασσ. Πρες).— Ο Πρόεδρος Τσομπέ εδήλωσεν ότι είναι αντίθετος προς τον διαμελισμόν της Κατάγκας εις τρεις επαρχίας.

Ο κ. ΜΠΡΕΖΝΙΕΦ ΕΔΕΞΘΗ ΑΝΤΙΠΡΟΣΩΠΕΙΑΝ ΡΟΥΜΑΝΩΝ ΒΟΥΛΕΥΤΩΝ

ΜΟΣΧΑ, 27. (Τάς).— Ο Πρόεδρος του Ανωτάτου Σοβιέτ κ. Μπρέζνιεφ εδέχθη αντιπροσωπείαν Ρουμάνων βουλευτών, οι οποίοι ευρίσκονται εις την Σοβιετικήν Ένωσιν.

ΜΟΣΧΑ, 27. (Τάς).— Ο Πρόεδρος του Ανωτάτου Σοβιέτ κ. Μπρέζνιεφ εδέχθη αντιπροσωπείαν Ρουμάνων βουλευτών, οι οποίοι ευρίσκονται εις την Σοβιετικήν Ένωσιν.

Ο κ. ΜΠΡΕΖΝΙΕΦ ΘΑ ΕΠΙΣΚΕΦΘΗ ΕΠΙΣΗΜΩΣ ΤΗΝ ΠΕΡΣΙΑΝ

ΜΟΣΧΑ, 27. (Τάς).— Ο Πρόεδρος του Ανωτάτου Σοβιέτ κ. Μπρέζνιεφ εδέχθη αντιπροσωπείαν Ρουμάνων βουλευτών, οι οποίοι ευρίσκονται εις την Σοβιετικήν Ένωσιν.

ΕΛΙΖΑΜΠΕΘΒΙΛ, 27. (Ασσ. Πρες).— Ο Πρόεδρος Τσομπέ εδήλωσεν ότι είναι αντίθετος προς τον διαμελισμόν της Κατάγκας εις τρεις επαρχίας.

ΚΑΝΑΔΟΣ Ο ΠΡΟΕΔΡΟΣ ΤΟΥ ΟΡΓΑΝΙΣΜΟΥ ΥΓΕΙΑΣ

ΛΟΝΔΙΝΟΝ, 27. (Ρώυτερ).— Βόμβα εξερράγη εις τα γραφεία της κομμουνιστικής εφημερίδος, προκαλέσασα σοβαράς ζημίας. Ουδείς ετραυματίσθη.

Ο κ. ΣΤΡΑΟΥΣ ΕΦΘΑΣΕΝ ΕΙΣ ΤΟ ΙΣΡΑΗΛ ΜΕ ΚΑΘΥΣΤΕΡΗΣΙΝ ΜΙΑΣ ΗΜΕΡΑΣ ΔΙΑ ΝΑ ΑΠΟΦΥΓΗ ΤΟΥΣ ΔΙΑΔΗΛΩΤΑΣ
Εις δηλώσεις του ετόνισε την ανάγκην ουσιαστικής συσφίγξεως των σχέσεων των δύο χωρών
ΠΕΡΙΟΡΙΣΜΟΙ ΕΙΣ ΤΟΥΣ ΓΕΡΜΑΝΟΥΣ ΕΙΔΙΚΟΥΣ

ΤΕΛ ΑΒΙΒ, 27. (Ρώυτερ).— Ο κ. Φραντς Γιόζεφ Στράους, πρώην υπουργός Αμύνης της Δυτικής Γερμανίας, έφθασεν εις το Ισραήλ με καθυστέρησιν μιας ημέρας δια να αποφύγη τους διαδηλωτάς, οι οποίοι ανέμενον αυτόν εις το αεροδρόμιον.

ΔΗΛΩΣΕΙΣ ΤΟΥ κ. ΣΤΡΑΟΥΣ

ΤΕΛ ΑΒΙΒ, 27. (Ρώυτερ).— Εις δηλώσεις του ο κ. Στράους ετόνισε την ανάγκην ουσιαστικής συσφίγξεως των σχέσεων των δύο χωρών.

ΤΕΛ ΑΒΙΒ, 27. (Ρώυτερ).— Ο κ. Φραντς Γιόζεφ Στράους, πρώην υπουργός Αμύνης της Δυτικής Γερμανίας, έφθασεν εις το Ισραήλ με καθυστέρησιν μιας ημέρας δια να αποφύγη τους διαδηλωτάς, οι οποίοι ανέμενον αυτόν εις το αεροδρόμιον.

Ο ΓΕΡΜΑΝΟΙ ΕΠΙΣΤΗΜΟΝΕΣ

ΤΕΛ ΑΒΙΒ, 27. (Ρώυτερ).— Εις δηλώσεις του ο κ. Στράους ετόνισε την ανάγκην ουσιαστικής συσφίγξεως των σχέσεων των δύο χωρών.

ΤΕΛ ΑΒΙΒ, 27. (Ρώυτερ).— Εις δηλώσεις του ο κ. Στράους ετόνισε την ανάγκην ουσιαστικής συσφίγξεως των σχέσεων των δύο χωρών.

ΕΚΚΛΗΣΙΣ ΤΟΥ ΜΠΕΝ ΓΚΟΥΡΙΟΝ

ΙΕΡΟΥΣΑΛΗΜ, 27. (Ρώυτερ).— Ο πρωθυπουργός κ. Μπεν Γκουριόν απηύθυνεν έκκλησιν προς τον λαόν να υποδεχθή τον επισκέπτην μετά σεβασμού.

ΑΠΕΤΥΧΟΝ ΔΙΑΔΗΛΩΣΕΙΣ

ΤΕΛ ΑΒΙΒ, 27. (Ρώυτερ).— Ο κ. Φραντς Γιόζεφ Στράους, πρώην υπουργός Αμύνης της Δυτικής Γερμανίας, έφθασεν εις το Ισραήλ με καθυστέρησιν μιας ημέρας δια να αποφύγη τους διαδηλωτάς, οι οποίοι ανέμενον αυτόν εις το αεροδρόμιον.

ΙΕΡΟΥΣΑΛΗΜ, 27. (Ρώυτερ).— Ο πρωθυπουργός κ. Μπεν Γκουριόν απηύθυνεν έκκλησιν προς τον λαόν να υποδεχθή τον επισκέπτην μετά σεβασμού.

Η ΠΑΝΩΛΗΣ, Η ΧΟΛΕΡΑ ΚΑΙ Η ΔΥΣΕΝΤΕΡΙΑ ΔΟΚΙΜΑΖΟΥΝ ΣΚΛΗΡΩΣ ΧΩΡΑΣ ΤΗΣ ΑΣΙΑΣ
ΔΙΕΤΑΧΘΗ ΕΜΒΟΛΙΑΣΜΟΣ ΤΩΝ ΚΑΤΟΙΚΩΝ

ΚΟΥΑΛΑ ΛΑΜΠΟΥΡ, 27. (Ρώυτερ).— Ο θάνατος 17 ατόμων εκ χολέρας εσημειώθη κατά τας τελευταίας ημέρας εις διαφόρους περιοχάς της Ασίας και διετάχθη ο εμβολιασμός όλων των κατοίκων.

ΚΟΥΑΛΑ ΛΑΜΠΟΥΡ, 27. (Ρώυτερ).— Ο θάνατος 17 ατόμων εκ χολέρας εσημειώθη κατά τας τελευταίας ημέρας εις διαφόρους περιοχάς της Ασίας και διετάχθη ο εμβολιασμός όλων των κατοίκων.

ΔΥΣΕΝΤΕΡΙΑ ΕΙΣ ΙΑΠΩΝΙΑΝ

ΤΟΚΙΟ, 27. (Ηνωμ. Τύπος).— Εις Ιαπωνίαν ενεφανίσθη επιδημία δυσεντερίας, προσβαλούσα μεγάλον αριθμόν παιδιών.

ΚΑΙ ΠΑΝΩΛΗΣ

ΚΟΥΑΛΑ ΛΑΜΠΟΥΡ, 27. (Ρώυτερ).— Ο θάνατος 17 ατόμων εκ χολέρας εσημειώθη κατά τας τελευταίας ημέρας εις διαφόρους περιοχάς της Ασίας και διετάχθη ο εμβολιασμός όλων των κατοίκων.

ΑΠΕΦΑΣΙΣΘΗ Η ΣΥΣΤΑΣΙΣ ΝΕΩΝ ΦΟΡΟΛΟΓΙΚΩΝ ΔΙΚΑΣΤΗΡΙΩΝ

ΑΘΗΝΑΙ, 27.— Αι δημοσιονομικαί υπηρεσίαι απεφάσισαν την σύστασιν νέων φορολογικών δικαστηρίων δια την ταχυτέραν εκδίκασιν των υποθέσεων.

ΠΑΝΙΣΛΑΜΙΚΗ ΔΙΑΣΚΕΨΙΣ ΕΙΣ ΤΗΝ ΜΕΚΚΑΝ

ΑΜΜΑΝ, 27. (Ρώυτερ).— Αι ισλαμικαί χώραι θα συγκαλέσουν διάσκεψιν εις την Μέκκαν δια την εξέτασιν κοινών θεμάτων.

Ο ΒΕΡΝΑΡΔΟΣ ΔΕΝ ΘΑ ΣΥΝΑΝΤΗΘΗ ΜΕ ΤΟΝ ΔΡΑ ΣΟΕΚΑΡΝΟ

ΒΙΕΝΝΗ, 27. (Ασσ. Πρες).— Ο Πρόεδρος Βερνάρδος δεν θα συναντηθή μετά του Δρος Σοεκάρνο κατά την επίσκεψιν του τελευταίου.

ΕΦΩΤΟΓΡΑΦΗΘΗΣΑΝ ΚΑΛΩΔΙΑ ΚΑΙ ΑΛΛΑ ΑΝΤΙΚΕΙΜΕΝΑ ΕΙΣ ΒΑΘΟΣ 2.700 ΜΕΤ. ΕΙΣ ΠΕΡΙΟΧΗΝ ΤΟΥ ΑΤΛΑΝΤΙΚΟΥ ΟΠΟΥ ΠΙΣΤΕΥΕΤΑΙ ΟΤΙ ΕΚΕΙ ΒΥΘΙΣΘΗ ΤΟ «ΘΡΕΣΕΡ»

ΒΟΣΤΩΝΗ, 27. (Ασσ. Πρες).— Το ωκεανογραφικόν σκάφος «Ατλάντις ΙΙ» εφωτογράφησε καλώδια και άλλα αντικείμενα εις βάθος 2.700 μέτρων, εις περιοχήν όπου πιστεύεται ότι εβυθίσθη το υποβρύχιον «Θρέσερ».

ΒΟΣΤΩΝΗ, 27. (Ασσ. Πρες).— Το ωκεανογραφικόν σκάφος «Ατλάντις ΙΙ» εφωτογράφησε καλώδια και άλλα αντικείμενα εις βάθος 2.700 μέτρων, εις περιοχήν όπου πιστεύεται ότι εβυθίσθη το υποβρύχιον «Θρέσερ».

ΒΟΣΤΩΝΗ, 27. (Ασσ. Πρες).— Το ωκεανογραφικόν σκάφος «Ατλάντις ΙΙ» εφωτογράφησε καλώδια και άλλα αντικείμενα εις βάθος 2.700 μέτρων, εις περιοχήν όπου πιστεύεται ότι εβυθίσθη το υποβρύχιον «Θρέσερ».

ΒΟΣΤΩΝΗ, 27. (Ασσ. Πρες).— Το ωκεανογραφικόν σκάφος «Ατλάντις ΙΙ» εφωτογράφησε καλώδια και άλλα αντικείμενα εις βάθος 2.700 μέτρων, εις περιοχήν όπου πιστεύεται ότι εβυθίσθη το υποβρύχιον «Θρέσερ».

ΓΕΡΟΥΣΙΑΣΤΑΙ ΠΙΣΤΕΥΟΥΝ ΟΤΙ ΑΙ ΗΝΩΜΕΝΑΙ ΠΟΛΙΤΕΙΑΙ ΠΙΘΑΝΟΝ ΝΑ ΑΠΟΧΩΡΗΣΟΥΝ ΤΟΥ Ν.Α.Τ.Ο. ΑΝ ΟΙ ΣΥΜΜΑΧΟΙ ΔΕΝ ΑΥΞΗΣΟΥΝ ΤΑΣ ΔΑΠΑΝΑΣ ΤΩΝ

ΟΥΑΣΙΓΚΤΩΝ, 27. (Ασσ. Πρες).— Γερουσιασταί πιστεύουν ότι αι Ηνωμέναι Πολιτείαι πιθανόν να αποχωρήσουν του Ν.Α.Τ.Ο. αν οι σύμμαχοι δεν αυξήσουν τας αμυντικάς δαπάνας των.

ΟΥΑΣΙΓΚΤΩΝ, 27. (Ασσ. Πρες).— Γερουσιασταί πιστεύουν ότι αι Ηνωμέναι Πολιτείαι πιθανόν να αποχωρήσουν του Ν.Α.Τ.Ο. αν οι σύμμαχοι δεν αυξήσουν τας αμυντικάς δαπάνας των.

ΕΙΣ ΤΗΝ ΟΜΑΧΑΝ

ΟΥΑΣΙΓΚΤΩΝ, 27. (Ασσ. Πρες).— Γερουσιασταί πιστεύουν ότι αι Ηνωμέναι Πολιτείαι πιθανόν να αποχωρήσουν του Ν.Α.Τ.Ο. αν οι σύμμαχοι δεν αυξήσουν τας αμυντικάς δαπάνας των.

ΔΕΝ ΥΠΑΡΧΕΙ ΣΧΕΔΙΟΝ ΔΗΜΙΟΥΡΓΙΑΣ ΕΙΣ ΜΕΣΟΓΕΙΟΝ ΒΑΣΕΩΣ ΔΙΑ ΤΑ ΥΠΟΒΡΥΧΙΑ-ΦΟΡΕΙΣ ΤΩΝ «ΠΟΛΑΡΙΣ»

ΤΕΡΓΕΣΤΗ, 27. (Ηνωμ. Τύπος).— Ο αρχηγός του Ναυτικού εδήλωσεν ότι δεν υπάρχει σχέδιον δημιουργίας βάσεως εις την Μεσόγειον δια τα υποβρύχια-φορείς των «Πολάρις».

ΤΕΡΓΕΣΤΗ, 27. (Ηνωμ. Τύπος).— Ο αρχηγός του Ναυτικού εδήλωσεν ότι δεν υπάρχει σχέδιον δημιουργίας βάσεως εις την Μεσόγειον δια τα υποβρύχια-φορείς των «Πολάρις».
